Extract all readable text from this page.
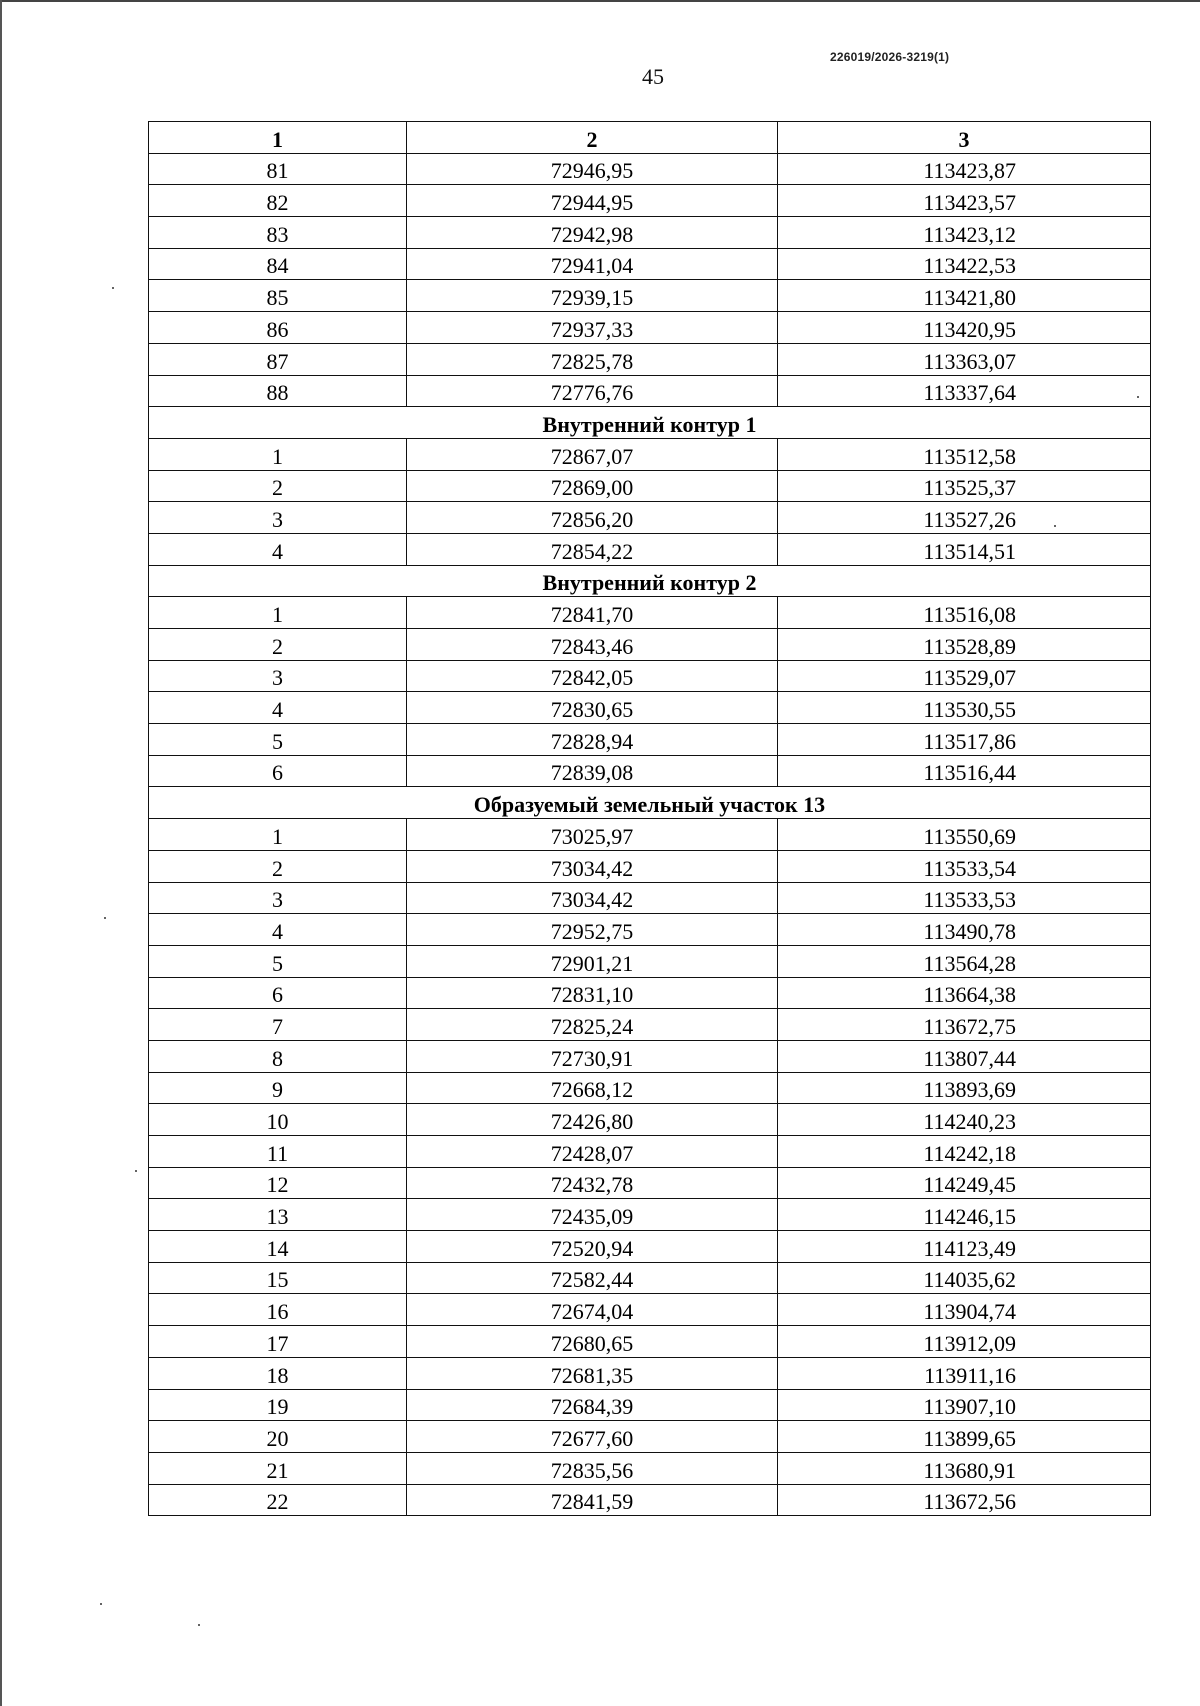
226019/2026-3219(1)
45
1	2	3
81	72946,95	113423,87
82	72944,95	113423,57
83	72942,98	113423,12
84	72941,04	113422,53
85	72939,15	113421,80
86	72937,33	113420,95
87	72825,78	113363,07
88	72776,76	113337,64
Внутренний контур 1		
1	72867,07	113512,58
2	72869,00	113525,37
3	72856,20	113527,26
4	72854,22	113514,51
Внутренний контур 2		
1	72841,70	113516,08
2	72843,46	113528,89
3	72842,05	113529,07
4	72830,65	113530,55
5	72828,94	113517,86
6	72839,08	113516,44
Образуемый земельный участок 13		
1	73025,97	113550,69
2	73034,42	113533,54
3	73034,42	113533,53
4	72952,75	113490,78
5	72901,21	113564,28
6	72831,10	113664,38
7	72825,24	113672,75
8	72730,91	113807,44
9	72668,12	113893,69
10	72426,80	114240,23
11	72428,07	114242,18
12	72432,78	114249,45
13	72435,09	114246,15
14	72520,94	114123,49
15	72582,44	114035,62
16	72674,04	113904,74
17	72680,65	113912,09
18	72681,35	113911,16
19	72684,39	113907,10
20	72677,60	113899,65
21	72835,56	113680,91
22	72841,59	113672,56
